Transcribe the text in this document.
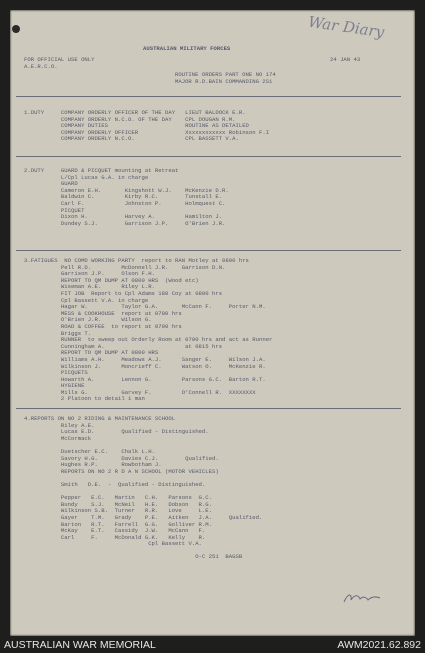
War Diary
AUSTRALIAN MILITARY FORCES
FOR OFFICIAL USE ONLY	24 JAN 43
A.E.R.C.O.
ROUTINE ORDERS PART ONE NO 174
MAJOR R.D.BAIN COMMANDING 2S1
1.DUTY     COMPANY ORDERLY OFFICER OF THE DAY   LIEUT BALDOCK E.R.
COMPANY ORDERLY N.C.O. OF THE DAY    CPL DOUGAN R.M.
COMPANY DUTIES                       ROUTINE AS DETAILED
COMPANY ORDERLY OFFICER              Xxxxxxxxxxxx Robinson F.I
COMPANY ORDERLY N.C.O.               CPL BASSETT V.A.
2.DUTY     GUARD & PICQUET mounting at Retreat
L/Cpl Lucas G.A. in charge
GUARD
Cameron E.H.       Kingshott W.J.    McKenzie D.R.
Baldwin C.         Kirby R.C.        Tunstall E.
Carl F.            Johnston P.       Holmquest C.
PICQUET
Dixon H.           Harvey A.         Hamilton J.
Dundey S.J.        Garrison J.P.     O'Brien J.R.
3.FATIGUES  NO COMD WORKING PARTY  report to RAN Motley at 0800 hrs
Pell R.D.         McDonnell J.R.    Garrison D.N.
Garrison J.P.     Olson F.H.
REPORT TO QM DUMP AT 0800 HRS  (Wood etc)
Wiseman A.E.      Riley L.R.
FIT JOB  Report to Cpl Adams 180 Coy at 0800 hrs
Cpl Bassett V.A. in charge
Hagar W.          Taylor G.A.       McCann F.     Porter N.M.
MESS & COOKHOUSE  report at 0700 hrs
O'Brien J.R.      Wilson G.
ROAD & COFFEE  to report at 0700 hrs
Briggs T.
RUNNER  to sweep out Orderly Room at 0700 hrs and act as Runner
Cunningham A.                        at 0815 hrs
REPORT TO QM DUMP AT 0800 HRS
Williams A.H.     Meadows A.J.      Sanger E.     Wilson J.A.
Wilkinson J.      Moncrieff C.      Watson O.     McKenzie R.
PICQUETS
Howarth A.        Lennon G.         Parsons G.C.  Barton R.T.
HYGIENE
Mills G.          Garvey F.         O'Connell R.  XXXXXXXX
2 Platoon to detail 1 man
4.REPORTS ON NO 2 RIDING & MAINTENANCE SCHOOL
Riley A.E.
Lucas E.D.        Qualified - Distinguished.
McCormack

Duetscher E.C.    Chalk L.H.
Savory H.G.       Davies C.J.        Qualified.
Hughes R.P.       Rowbotham J.
REPORTS ON NO 2 R D A N SCHOOL (MOTOR VEHICLES)

Smith   D.E.  -  Qualified - Distinguished.

Pepper   E.C.   Martin   C.H.   Parsons  G.C.
Bundy    S.J.   McNeil   H.E.   Dobson   R.G.
Wilkinson S.B.  Turner   R.R.   Love     L.E.
Gayer    T.M.   Grady    P.E.   Aitken   J.A.     Qualified.
Barton   R.T.   Farrell  G.G.   Golliver R.M.
McKay    E.T.   Cassidy  J.W.   McCann   F.
Carl     F.     McDonald G.K.   Kelly    R.
Cpl Bassett V.A.

O-C 251  BAGSB
AUSTRALIAN WAR MEMORIAL	AWM2021.62.892
